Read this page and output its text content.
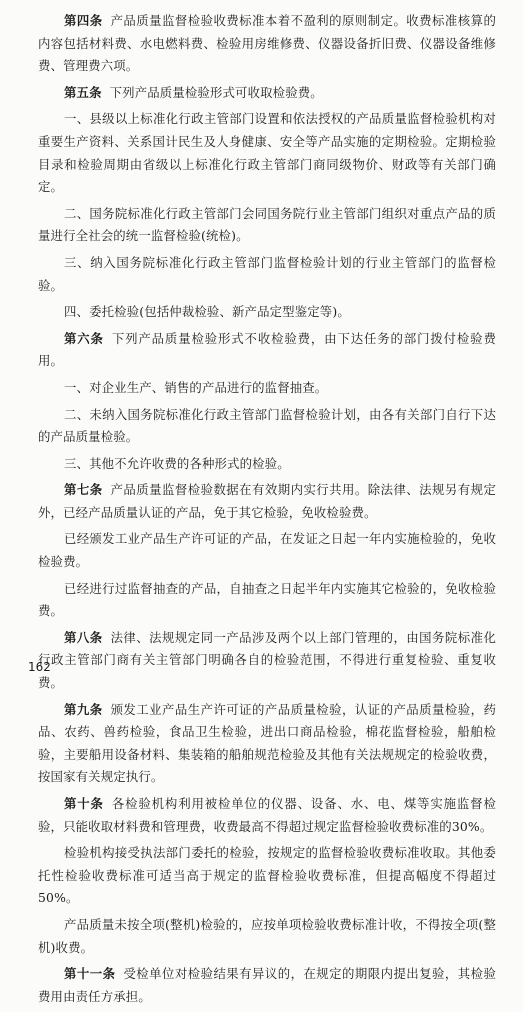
第四条 产品质量监督检验收费标准本着不盈利的原则制定。收费标准核算的内容包括材料费、水电燃料费、检验用房维修费、仪器设备折旧费、仪器设备维修费、管理费六项。

第五条 下列产品质量检验形式可收取检验费。

一、县级以上标准化行政主管部门设置和依法授权的产品质量监督检验机构对重要生产资料、关系国计民生及人身健康、安全等产品实施的定期检验。定期检验目录和检验周期由省级以上标准化行政主管部门商同级物价、财政等有关部门确定。

二、国务院标准化行政主管部门会同国务院行业主管部门组织对重点产品的质量进行全社会的统一监督检验(统检)。

三、纳入国务院标准化行政主管部门监督检验计划的行业主管部门的监督检验。

四、委托检验(包括仲裁检验、新产品定型鉴定等)。

第六条 下列产品质量检验形式不收检验费，由下达任务的部门拨付检验费用。

一、对企业生产、销售的产品进行的监督抽查。

二、未纳入国务院标准化行政主管部门监督检验计划，由各有关部门自行下达的产品质量检验。

三、其他不允许收费的各种形式的检验。

第七条 产品质量监督检验数据在有效期内实行共用。除法律、法规另有规定外，已经产品质量认证的产品，免于其它检验，免收检验费。

已经颁发工业产品生产许可证的产品，在发证之日起一年内实施检验的，免收检验费。

已经进行过监督抽查的产品，自抽查之日起半年内实施其它检验的，免收检验费。

第八条 法律、法规规定同一产品涉及两个以上部门管理的，由国务院标准化行政主管部门商有关主管部门明确各自的检验范围，不得进行重复检验、重复收费。

第九条 颁发工业产品生产许可证的产品质量检验，认证的产品质量检验，药品、农药、兽药检验，食品卫生检验，进出口商品检验，棉花监督检验，船舶检验，主要船用设备材料、集装箱的船舶规范检验及其他有关法规规定的检验收费，按国家有关规定执行。

第十条 各检验机构利用被检单位的仪器、设备、水、电、煤等实施监督检验，只能收取材料费和管理费，收费最高不得超过规定监督检验收费标准的30%。

检验机构接受执法部门委托的检验，按规定的监督检验收费标准收取。其他委托性检验收费标准可适当高于规定的监督检验收费标准，但提高幅度不得超过50%。

产品质量未按全项(整机)检验的，应按单项检验收费标准计收，不得按全项(整机)收费。

第十一条 受检单位对检验结果有异议的，在规定的期限内提出复验，其检验费用由责任方承担。

162
